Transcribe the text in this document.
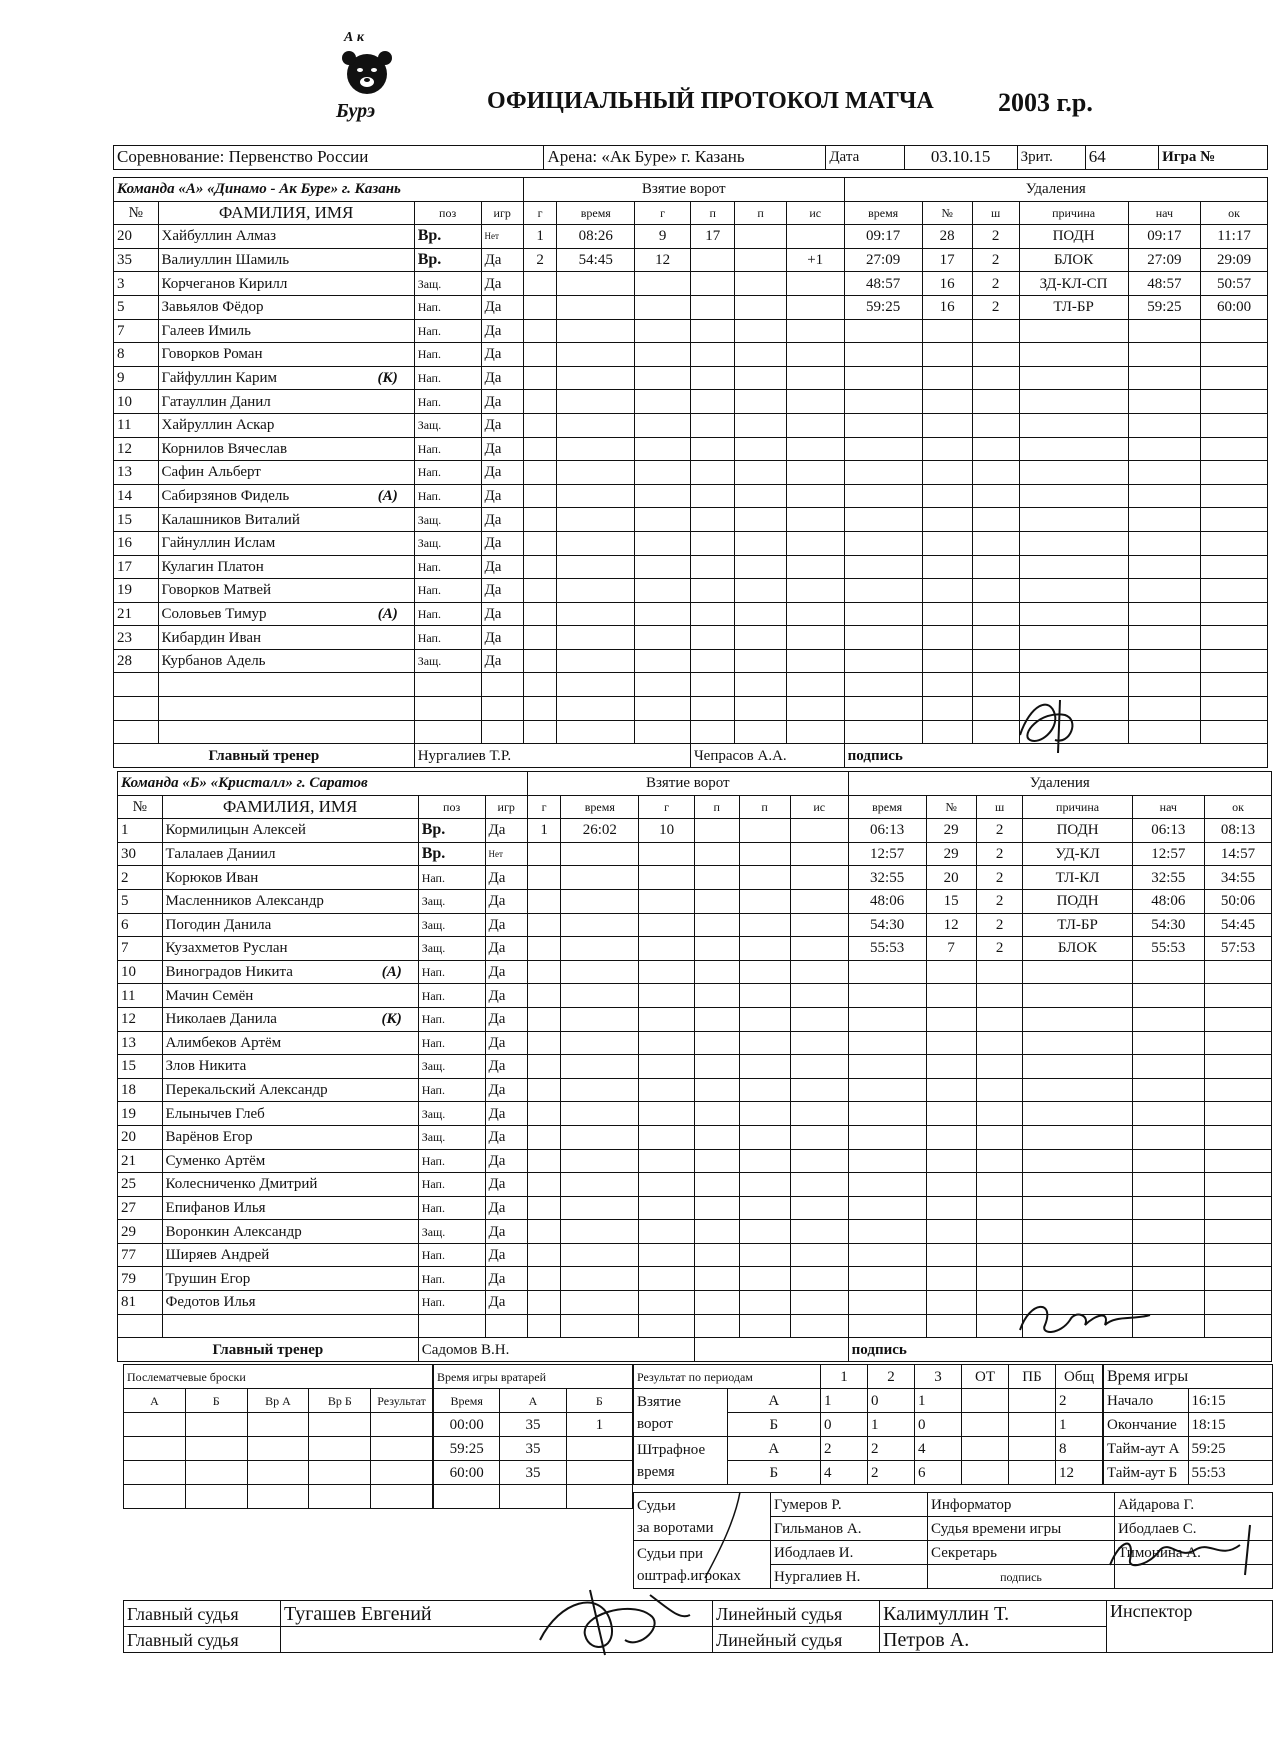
А к
Бурэ	ОФИЦИАЛЬНЫЙ ПРОТОКОЛ МАТЧА 2003 г.р.
Соревнование: Первенство России	Арена: «Ак Буре» г. Казань	Дата	03.10.15	Зрит.	64	Игра №
Команда «А» «Динамо - Ак Буре» г. Казань				Взятие ворот						Удаления					
№	ФАМИЛИЯ, ИМЯ	поз	игр	г	время	г	п	п	ис	время	№	ш	причина	нач	ок
20	Хайбуллин Алмаз	Вр.	Нет	1	08:26	9	17			09:17	28	2	ПОДН	09:17	11:17
35	Валиуллин Шамиль	Вр.	Да	2	54:45	12			+1	27:09	17	2	БЛОК	27:09	29:09
3	Корчеганов Кирилл	Защ.	Да							48:57	16	2	ЗД-КЛ-СП	48:57	50:57
5	Завьялов Фёдор	Нап.	Да							59:25	16	2	ТЛ-БР	59:25	60:00
7	Галеев Имиль	Нап.	Да												
8	Говорков Роман	Нап.	Да												
9	Гайфуллин Карим (К)	Нап.	Да												
10	Гатауллин Данил	Нап.	Да												
11	Хайруллин Аскар	Защ.	Да												
12	Корнилов Вячеслав	Нап.	Да												
13	Сафин Альберт	Нап.	Да												
14	Сабирзянов Фидель (А)	Нап.	Да												
15	Калашников Виталий	Защ.	Да												
16	Гайнуллин Ислам	Защ.	Да												
17	Кулагин Платон	Нап.	Да												
19	Говорков Матвей	Нап.	Да												
21	Соловьев Тимур (А)	Нап.	Да												
23	Кибардин Иван	Нап.	Да												
28	Курбанов Адель	Защ.	Да												

Главный тренер		Нургалиев Т.Р.					Чепрасов А.А.			подпись					
Команда «Б» «Кристалл» г. Саратов				Взятие ворот						Удаления					
№	ФАМИЛИЯ, ИМЯ	поз	игр	г	время	г	п	п	ис	время	№	ш	причина	нач	ок
1	Кормилицын Алексей	Вр.	Да	1	26:02	10				06:13	29	2	ПОДН	06:13	08:13
30	Талалаев Даниил	Вр.	Нет							12:57	29	2	УД-КЛ	12:57	14:57
2	Корюков Иван	Нап.	Да							32:55	20	2	ТЛ-КЛ	32:55	34:55
5	Масленников Александр	Защ.	Да							48:06	15	2	ПОДН	48:06	50:06
6	Погодин Данила	Защ.	Да							54:30	12	2	ТЛ-БР	54:30	54:45
7	Кузахметов Руслан	Защ.	Да							55:53	7	2	БЛОК	55:53	57:53
10	Виноградов Никита (А)	Нап.	Да												
11	Мачин Семён	Нап.	Да												
12	Николаев Данила (К)	Нап.	Да												
13	Алимбеков Артём	Нап.	Да												
15	Злов Никита	Защ.	Да												
18	Перекальский Александр	Нап.	Да												
19	Елынычев Глеб	Защ.	Да												
20	Варёнов Егор	Защ.	Да												
21	Суменко Артём	Нап.	Да												
25	Колесниченко Дмитрий	Нап.	Да												
27	Епифанов Илья	Нап.	Да												
29	Воронкин Александр	Защ.	Да												
77	Ширяев Андрей	Нап.	Да												
79	Трушин Егор	Нап.	Да												
81	Федотов Илья	Нап.	Да												

Главный тренер		Садомов В.Н.								подпись					
Послематчевые броски				
А	Б	Вр А	Вр Б	Результат

Время игры вратарей		
Время	А	Б
00:00	35	1
59:25	35	
60:00	35	

Результат по периодам		1	2	3	ОТ	ПБ	Общ
Взятие
ворот	А	1	0	1			2
	Б	0	1	0			1
Штрафное
время	А	2	2	4			8
	Б	4	2	6			12
Время игры	
Начало	16:15
Окончание	18:15
Тайм-аут А	59:25
Тайм-аут Б	55:53
Судьи
за воротами	Гумеров Р.	Информатор	Айдарова Г.
	Гильманов А.	Судья времени игры	Ибодлаев С.
Судьи при
оштраф.игроках	Ибодлаев И.	Секретарь	Тимонина А.
	Нургалиев Н.	подпись	
Главный судья	Тугашев Евгений	Линейный судья	Калимуллин Т.	Инспектор
Главный судья		Линейный судья	Петров А.	
